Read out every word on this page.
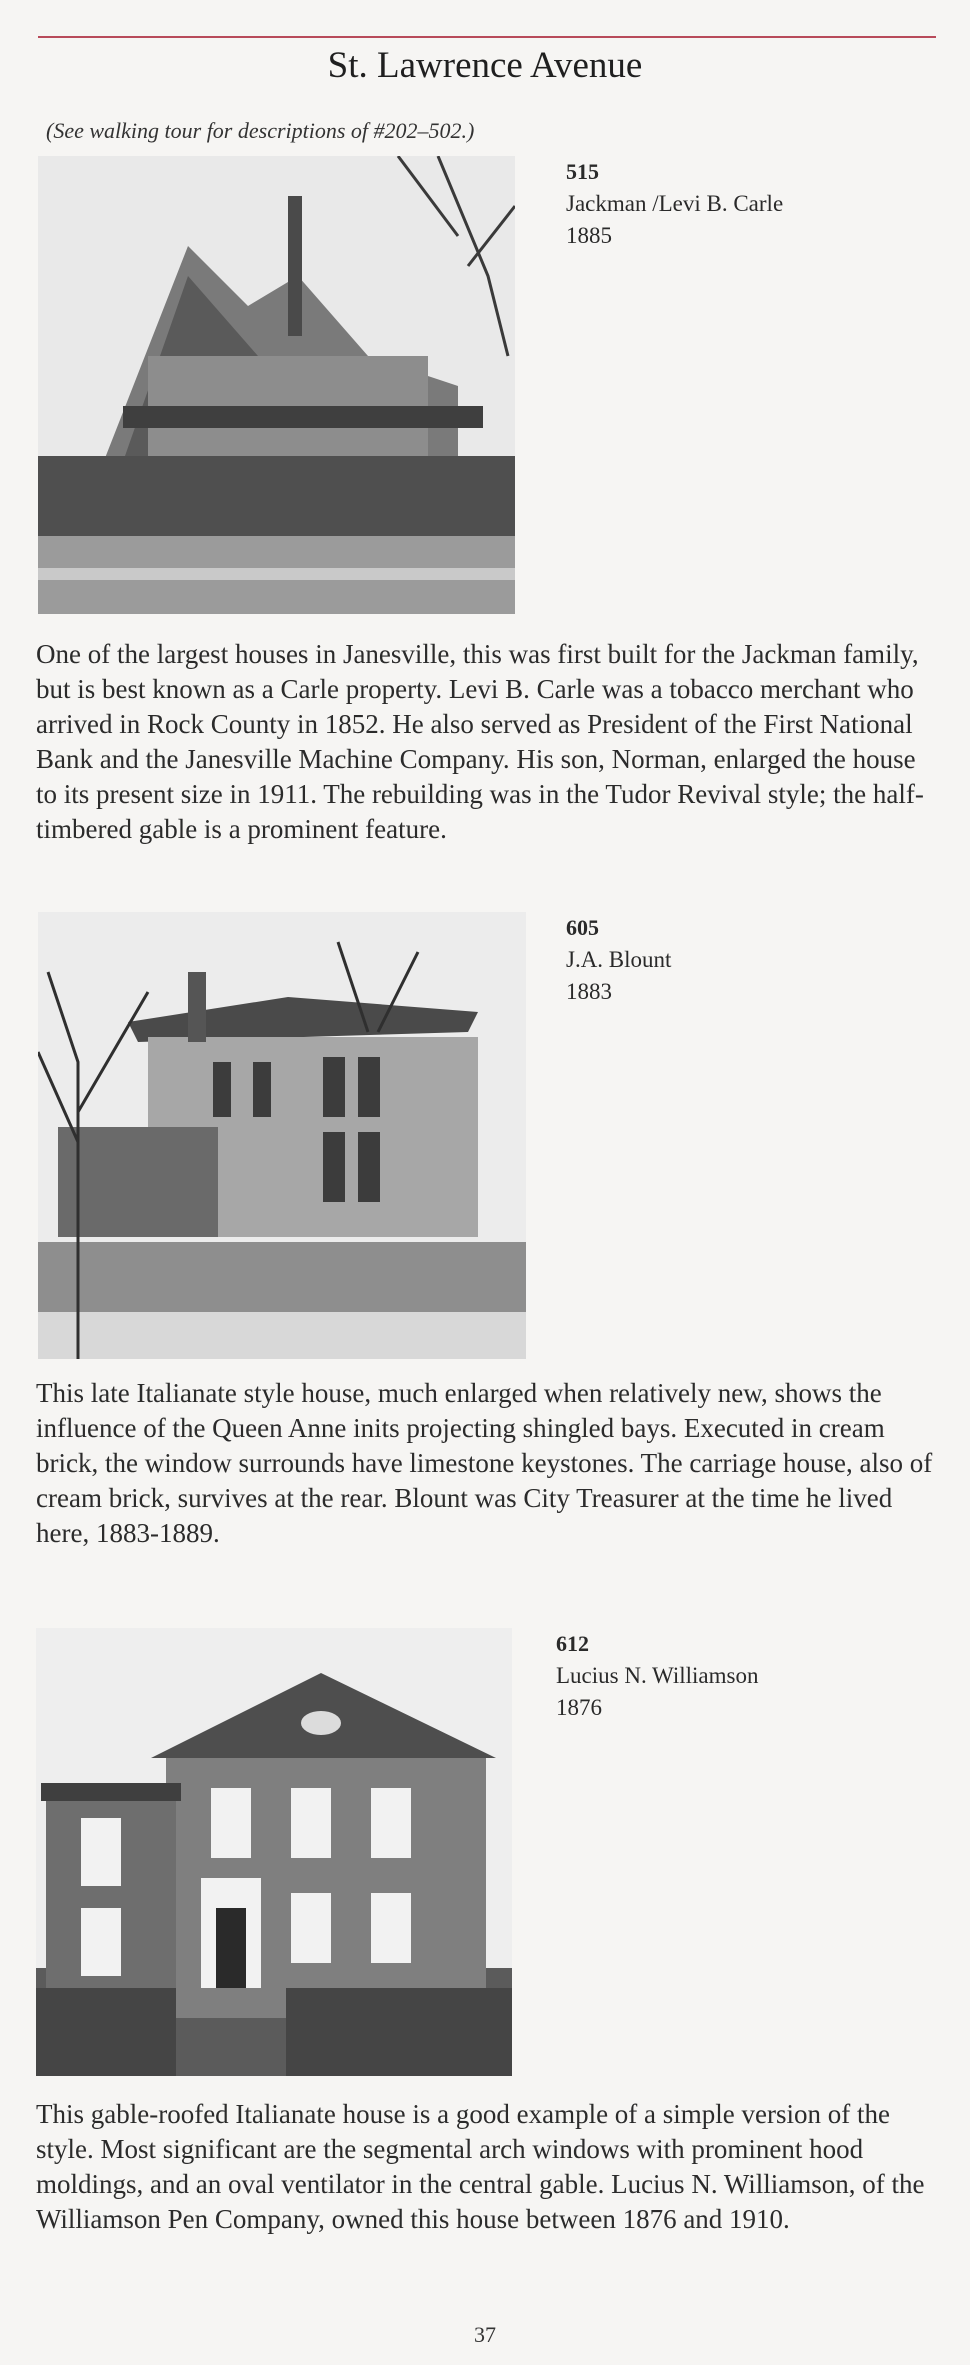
St. Lawrence Avenue
(See walking tour for descriptions of #202–502.)
515
Jackman /Levi B. Carle
1885
One of the largest houses in Janesville, this was first built for the Jackman family, but is best known as a Carle property. Levi B. Carle was a tobacco merchant who arrived in Rock County in 1852. He also served as President of the First National Bank and the Janesville Machine Company. His son, Norman, enlarged the house to its present size in 1911. The rebuilding was in the Tudor Revival style; the half-timbered gable is a prominent feature.
605
J.A. Blount
1883
This late Italianate style house, much enlarged when relatively new, shows the influence of the Queen Anne inits projecting shingled bays. Executed in cream brick, the window surrounds have limestone keystones. The carriage house, also of cream brick, survives at the rear. Blount was City Treasurer at the time he lived here, 1883-1889.
612
Lucius N. Williamson
1876
This gable-roofed Italianate house is a good example of a simple version of the style. Most significant are the segmental arch windows with prominent hood moldings, and an oval ventilator in the central gable. Lucius N. Williamson, of the Williamson Pen Company, owned this house between 1876 and 1910.
37
